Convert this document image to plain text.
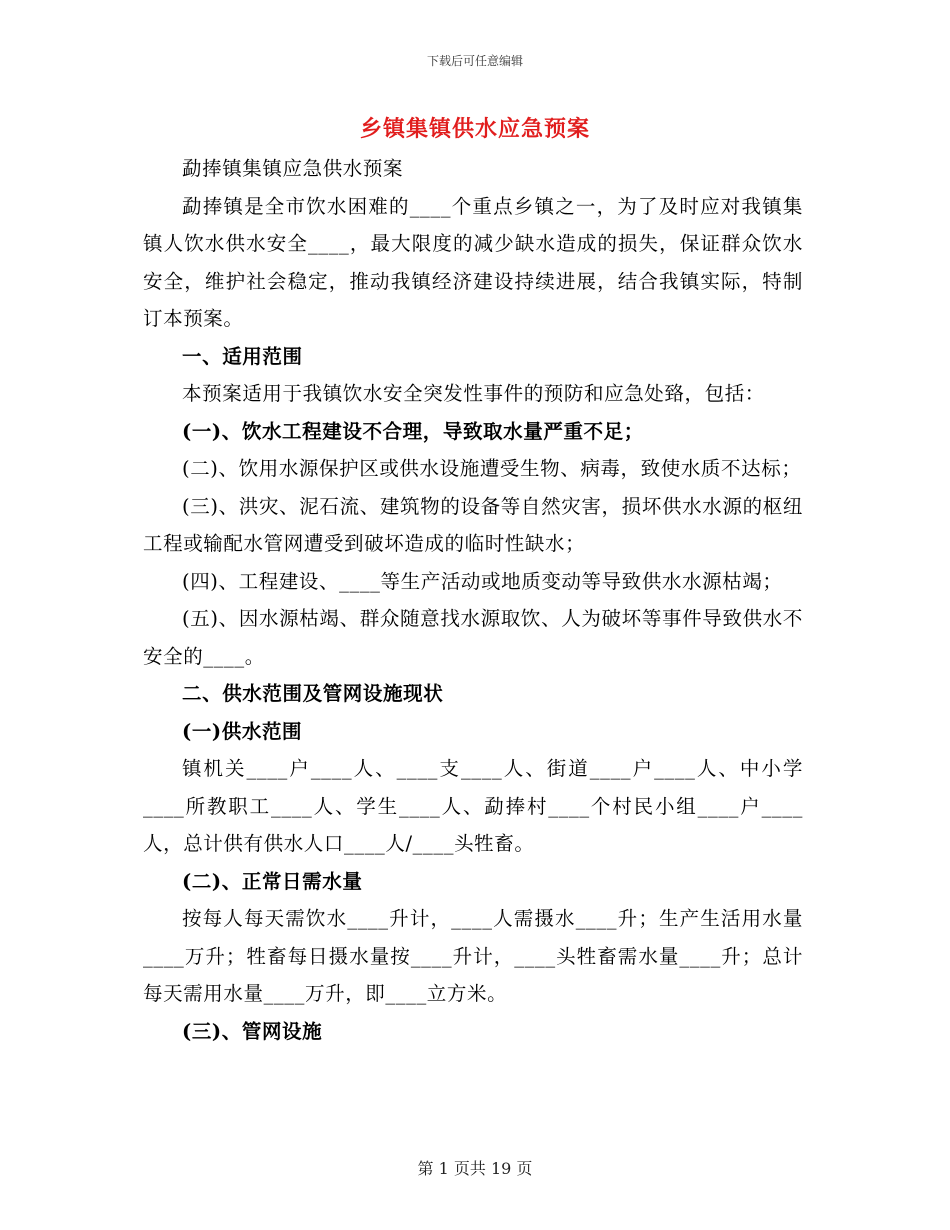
下载后可任意编辑
乡镇集镇供水应急预案

勐捧镇集镇应急供水预案

勐捧镇是全市饮水困难的____个重点乡镇之一，为了及时应对我镇集镇人饮水供水安全____，最大限度的减少缺水造成的损失，保证群众饮水安全，维护社会稳定，推动我镇经济建设持续进展，结合我镇实际，特制订本预案。

一、适用范围

本预案适用于我镇饮水安全突发性事件的预防和应急处臵，包括：

(一)、饮水工程建设不合理，导致取水量严重不足；

(二)、饮用水源保护区或供水设施遭受生物、病毒，致使水质不达标；

(三)、洪灾、泥石流、建筑物的设备等自然灾害，损坏供水水源的枢纽工程或输配水管网遭受到破坏造成的临时性缺水；

(四)、工程建设、____等生产活动或地质变动等导致供水水源枯竭；

(五)、因水源枯竭、群众随意找水源取饮、人为破坏等事件导致供水不安全的____。

二、供水范围及管网设施现状

(一)供水范围

镇机关____户____人、____支____人、街道____户____人、中小学____所教职工____人、学生____人、勐捧村____个村民小组____户____人，总计供有供水人口____人/____头牲畜。

(二)、正常日需水量

按每人每天需饮水____升计，____人需摄水____升；生产生活用水量____万升；牲畜每日摄水量按____升计，____头牲畜需水量____升；总计每天需用水量____万升，即____立方米。

(三)、管网设施

第 1 页共 19 页
